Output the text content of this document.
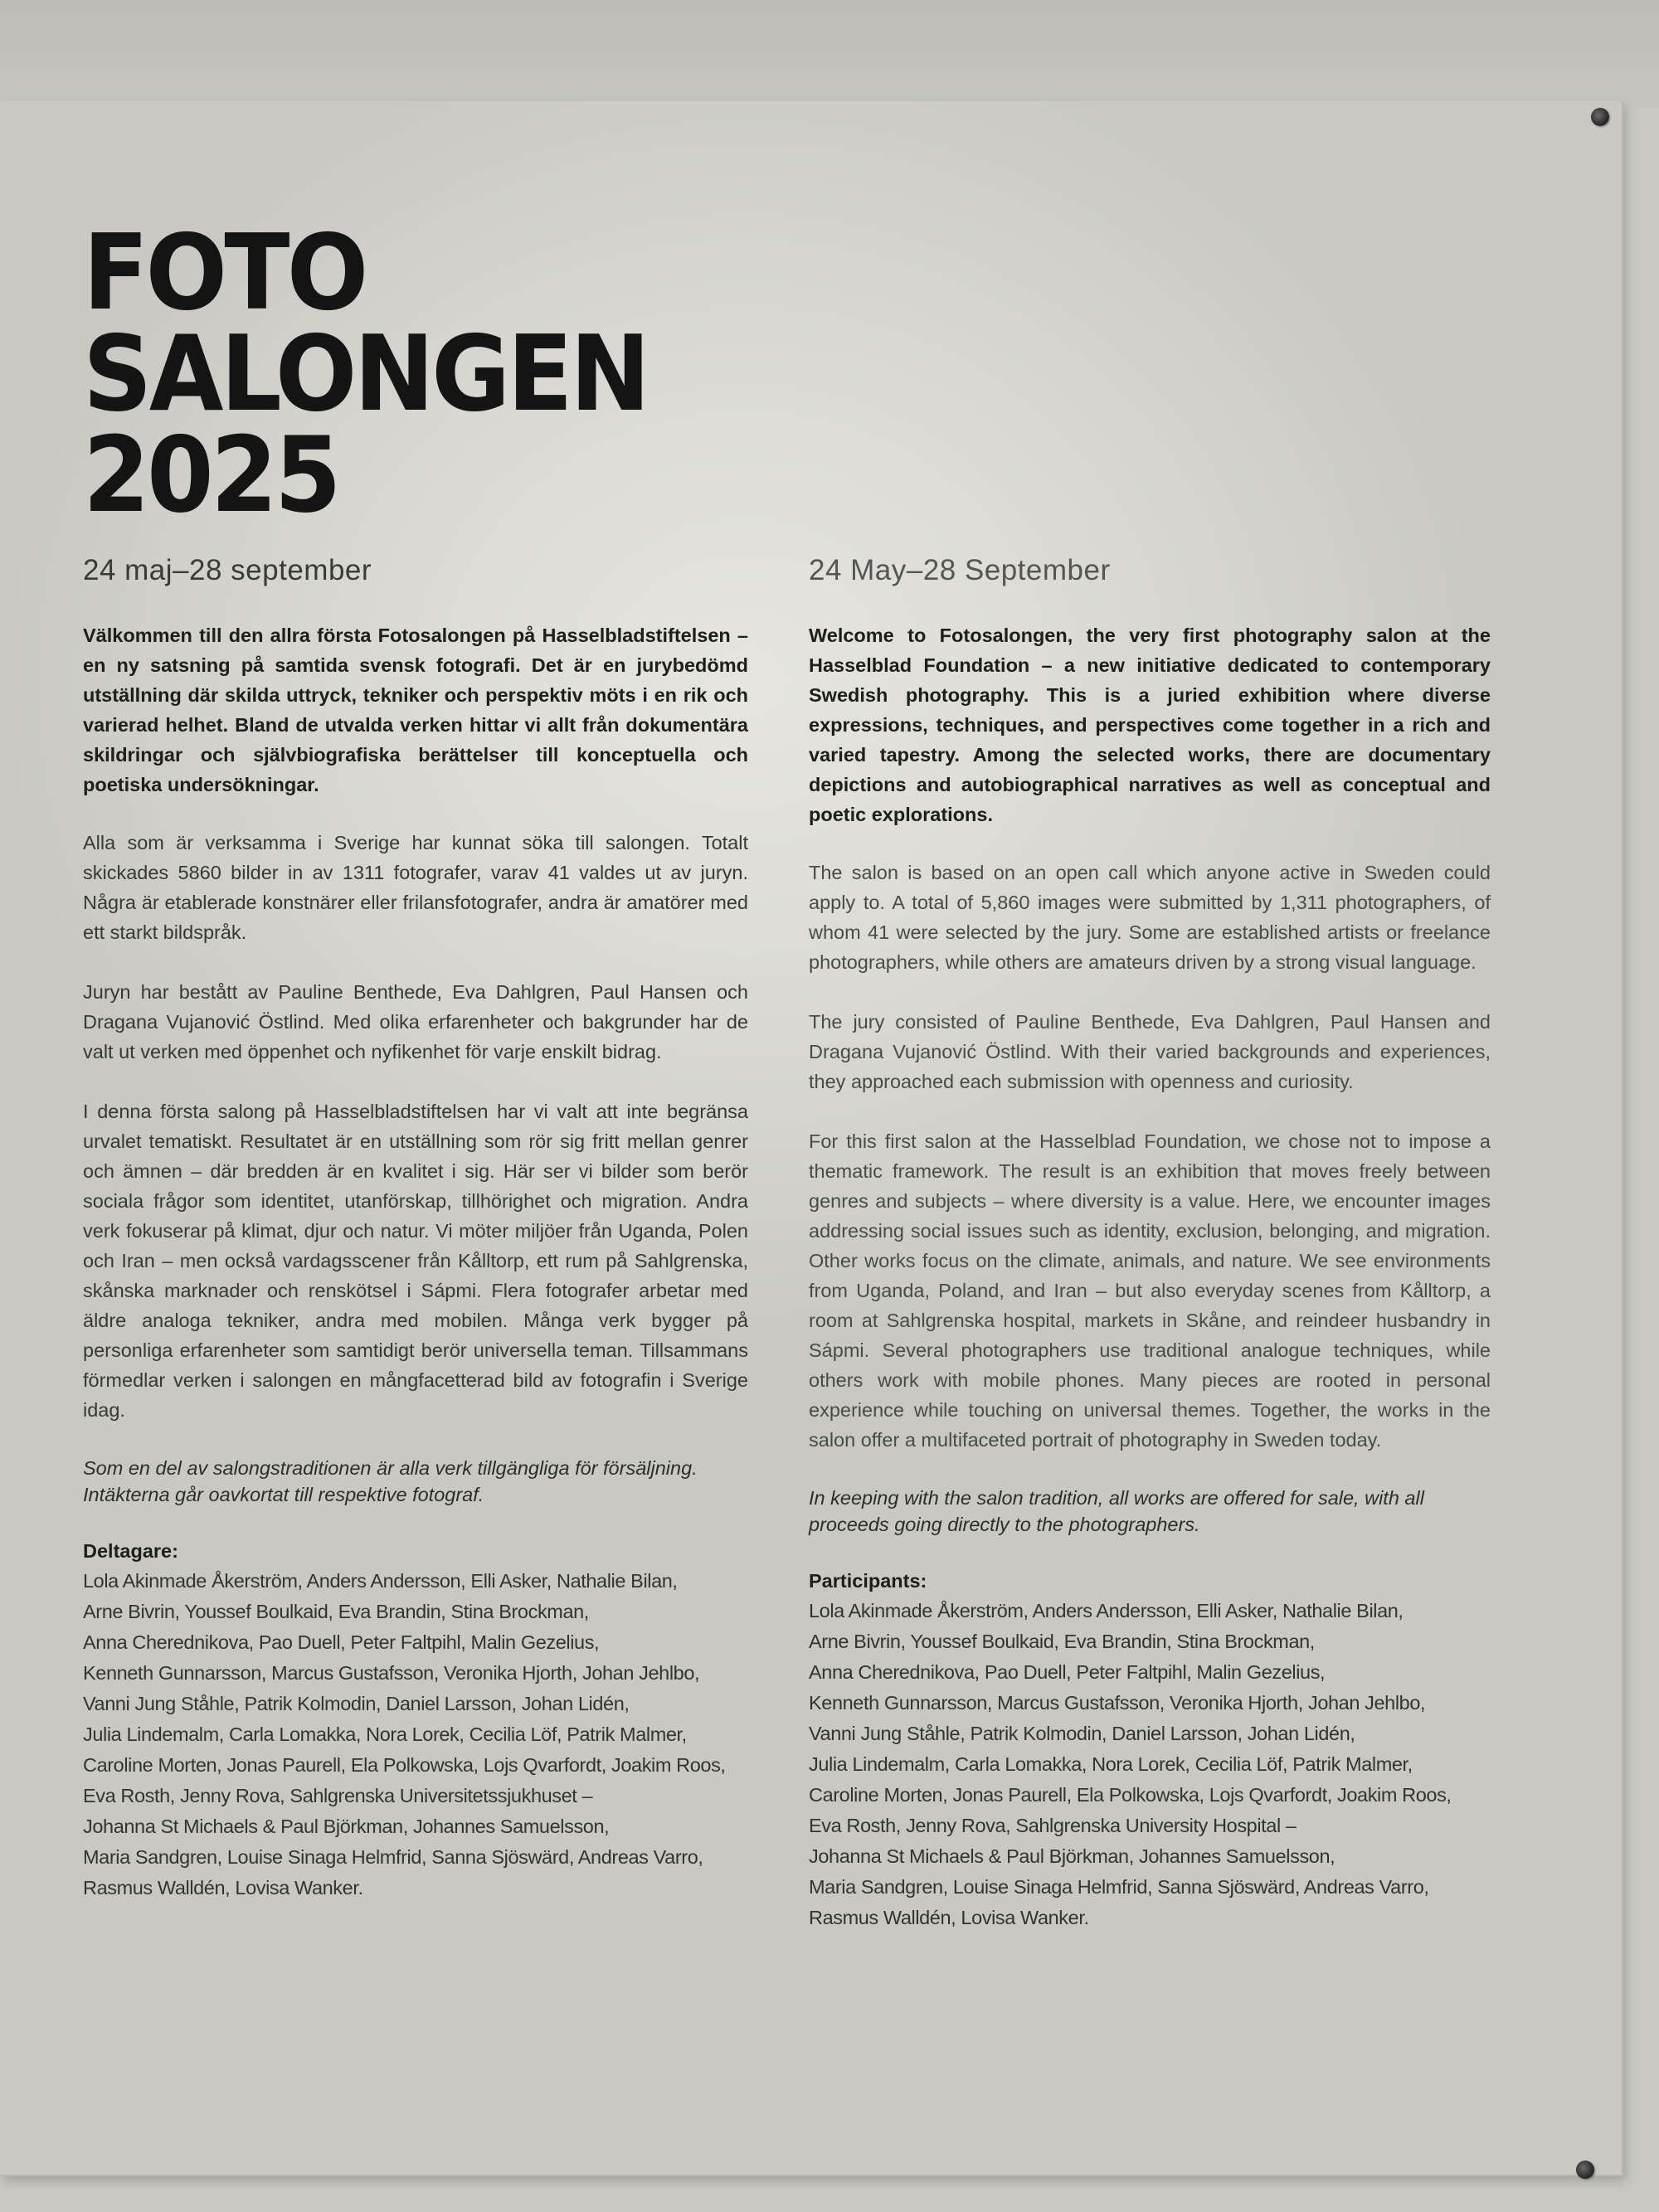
FOTO
SALONGEN
2025

24 maj–28 september

Välkommen till den allra första Fotosalongen på Hasselbladstiftelsen – en ny satsning på samtida svensk fotografi. Det är en jurybedömd utställning där skilda uttryck, tekniker och perspektiv möts i en rik och varierad helhet. Bland de utvalda verken hittar vi allt från dokumentära skildringar och självbiografiska berättelser till konceptuella och poetiska undersökningar.

Alla som är verksamma i Sverige har kunnat söka till salongen. Totalt skickades 5860 bilder in av 1311 fotografer, varav 41 valdes ut av juryn. Några är etablerade konstnärer eller frilansfotografer, andra är amatörer med ett starkt bildspråk.

Juryn har bestått av Pauline Benthede, Eva Dahlgren, Paul Hansen och Dragana Vujanović Östlind. Med olika erfarenheter och bakgrunder har de valt ut verken med öppenhet och nyfikenhet för varje enskilt bidrag.

I denna första salong på Hasselbladstiftelsen har vi valt att inte begränsa urvalet tematiskt. Resultatet är en utställning som rör sig fritt mellan genrer och ämnen – där bredden är en kvalitet i sig. Här ser vi bilder som berör sociala frågor som identitet, utanförskap, tillhörighet och migration. Andra verk fokuserar på klimat, djur och natur. Vi möter miljöer från Uganda, Polen och Iran – men också vardagsscener från Kålltorp, ett rum på Sahlgrenska, skånska marknader och renskötsel i Sápmi. Flera fotografer arbetar med äldre analoga tekniker, andra med mobilen. Många verk bygger på personliga erfarenheter som samtidigt berör universella teman. Tillsammans förmedlar verken i salongen en mångfacetterad bild av fotografin i Sverige idag.

Som en del av salongstraditionen är alla verk tillgängliga för försäljning. Intäkterna går oavkortat till respektive fotograf.

Deltagare:

Lola Akinmade Åkerström, Anders Andersson, Elli Asker, Nathalie Bilan,
Arne Bivrin, Youssef Boulkaid, Eva Brandin, Stina Brockman,
Anna Cherednikova, Pao Duell, Peter Faltpihl, Malin Gezelius,
Kenneth Gunnarsson, Marcus Gustafsson, Veronika Hjorth, Johan Jehlbo,
Vanni Jung Ståhle, Patrik Kolmodin, Daniel Larsson, Johan Lidén,
Julia Lindemalm, Carla Lomakka, Nora Lorek, Cecilia Löf, Patrik Malmer,
Caroline Morten, Jonas Paurell, Ela Polkowska, Lojs Qvarfordt, Joakim Roos,
Eva Rosth, Jenny Rova, Sahlgrenska Universitetssjukhuset –
Johanna St Michaels & Paul Björkman, Johannes Samuelsson,
Maria Sandgren, Louise Sinaga Helmfrid, Sanna Sjöswärd, Andreas Varro,
Rasmus Walldén, Lovisa Wanker.

24 May–28 September

Welcome to Fotosalongen, the very first photography salon at the Hasselblad Foundation – a new initiative dedicated to contemporary Swedish photography. This is a juried exhibition where diverse expressions, techniques, and perspectives come together in a rich and varied tapestry. Among the selected works, there are documentary depictions and autobiographical narratives as well as conceptual and poetic explorations.

The salon is based on an open call which anyone active in Sweden could apply to. A total of 5,860 images were submitted by 1,311 photographers, of whom 41 were selected by the jury. Some are established artists or freelance photographers, while others are amateurs driven by a strong visual language.

The jury consisted of Pauline Benthede, Eva Dahlgren, Paul Hansen and Dragana Vujanović Östlind. With their varied backgrounds and experiences, they approached each submission with openness and curiosity.

For this first salon at the Hasselblad Foundation, we chose not to impose a thematic framework. The result is an exhibition that moves freely between genres and subjects – where diversity is a value. Here, we encounter images addressing social issues such as identity, exclusion, belonging, and migration. Other works focus on the climate, animals, and nature. We see environments from Uganda, Poland, and Iran – but also everyday scenes from Kålltorp, a room at Sahlgrenska hospital, markets in Skåne, and reindeer husbandry in Sápmi. Several photographers use traditional analogue techniques, while others work with mobile phones. Many pieces are rooted in personal experience while touching on universal themes. Together, the works in the salon offer a multifaceted portrait of photography in Sweden today.

In keeping with the salon tradition, all works are offered for sale, with all proceeds going directly to the photographers.

Participants:

Lola Akinmade Åkerström, Anders Andersson, Elli Asker, Nathalie Bilan,
Arne Bivrin, Youssef Boulkaid, Eva Brandin, Stina Brockman,
Anna Cherednikova, Pao Duell, Peter Faltpihl, Malin Gezelius,
Kenneth Gunnarsson, Marcus Gustafsson, Veronika Hjorth, Johan Jehlbo,
Vanni Jung Ståhle, Patrik Kolmodin, Daniel Larsson, Johan Lidén,
Julia Lindemalm, Carla Lomakka, Nora Lorek, Cecilia Löf, Patrik Malmer,
Caroline Morten, Jonas Paurell, Ela Polkowska, Lojs Qvarfordt, Joakim Roos,
Eva Rosth, Jenny Rova, Sahlgrenska University Hospital –
Johanna St Michaels & Paul Björkman, Johannes Samuelsson,
Maria Sandgren, Louise Sinaga Helmfrid, Sanna Sjöswärd, Andreas Varro,
Rasmus Walldén, Lovisa Wanker.
